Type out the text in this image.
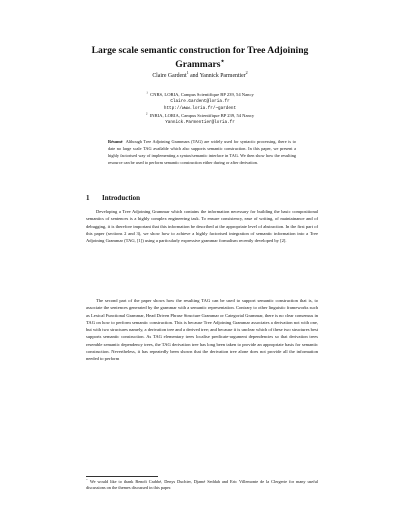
Large scale semantic construction for Tree Adjoining Grammars⋆
Claire Gardent$^1$ and Yannick Parmentier$^2$
$^1$ CNRS, LORIA, Campus Scientifique BP 239, 54 Nancy
Claire.Gardent@loria.fr
http://www.loria.fr/~gardent
$^2$ INRIA, LORIA, Campus Scientifique BP 239, 54 Nancy
Yannick.Parmentier@loria.fr
Résumé Although Tree Adjoining Grammars (TAG) are widely used for syntactic processing, there is to date no large scale TAG available which also supports semantic construction. In this paper, we present a highly factorised way of implementing a syntax/semantic interface in TAG. We then show how the resulting resource can be used to perform semantic construction either during or after derivation.
1 Introduction
Developing a Tree Adjoining Grammar which contains the information necessary for building the basic compositional semantics of sentences is a highly complex engineering task. To ensure consistency, ease of writing, of maintainance and of debugging, it is therefore important that this information be described at the appropriate level of abstraction. In the first part of this paper (sections 2 and 3), we show how to achieve a highly factorised integration of semantic information into a Tree Adjoining Grammar (TAG, [1]) using a particularly expressive grammar formalism recently developed by [2].
The second part of the paper shows how the resulting TAG can be used to support semantic construction that is, to associate the sentences generated by the grammar with a semantic representation. Contrary to other linguistic frameworks such as Lexical Functional Grammar, Head Driven Phrase Structure Grammar or Categorial Grammar, there is no clear consensus in TAG on how to perform semantic construction. This is because Tree Adjoining Grammar associates a derivation not with one, but with two structures namely, a derivation tree and a derived tree; and because it is unclear which of these two structures best supports semantic construction. As TAG elementary trees localise predicate-argument dependencies so that derivation trees resemble semantic dependency trees, the TAG derivation tree has long been taken to provide an appropriate basis for semantic construction. Nevertheless, it has repeatedly been shown that the derivation tree alone does not provide all the information needed to perform
⋆ We would like to thank Benoît Crabbé, Denys Duchier, Djamé Seddah and Eric Villemonte de la Clergerie for many useful discussions on the themes discussed in this paper.
